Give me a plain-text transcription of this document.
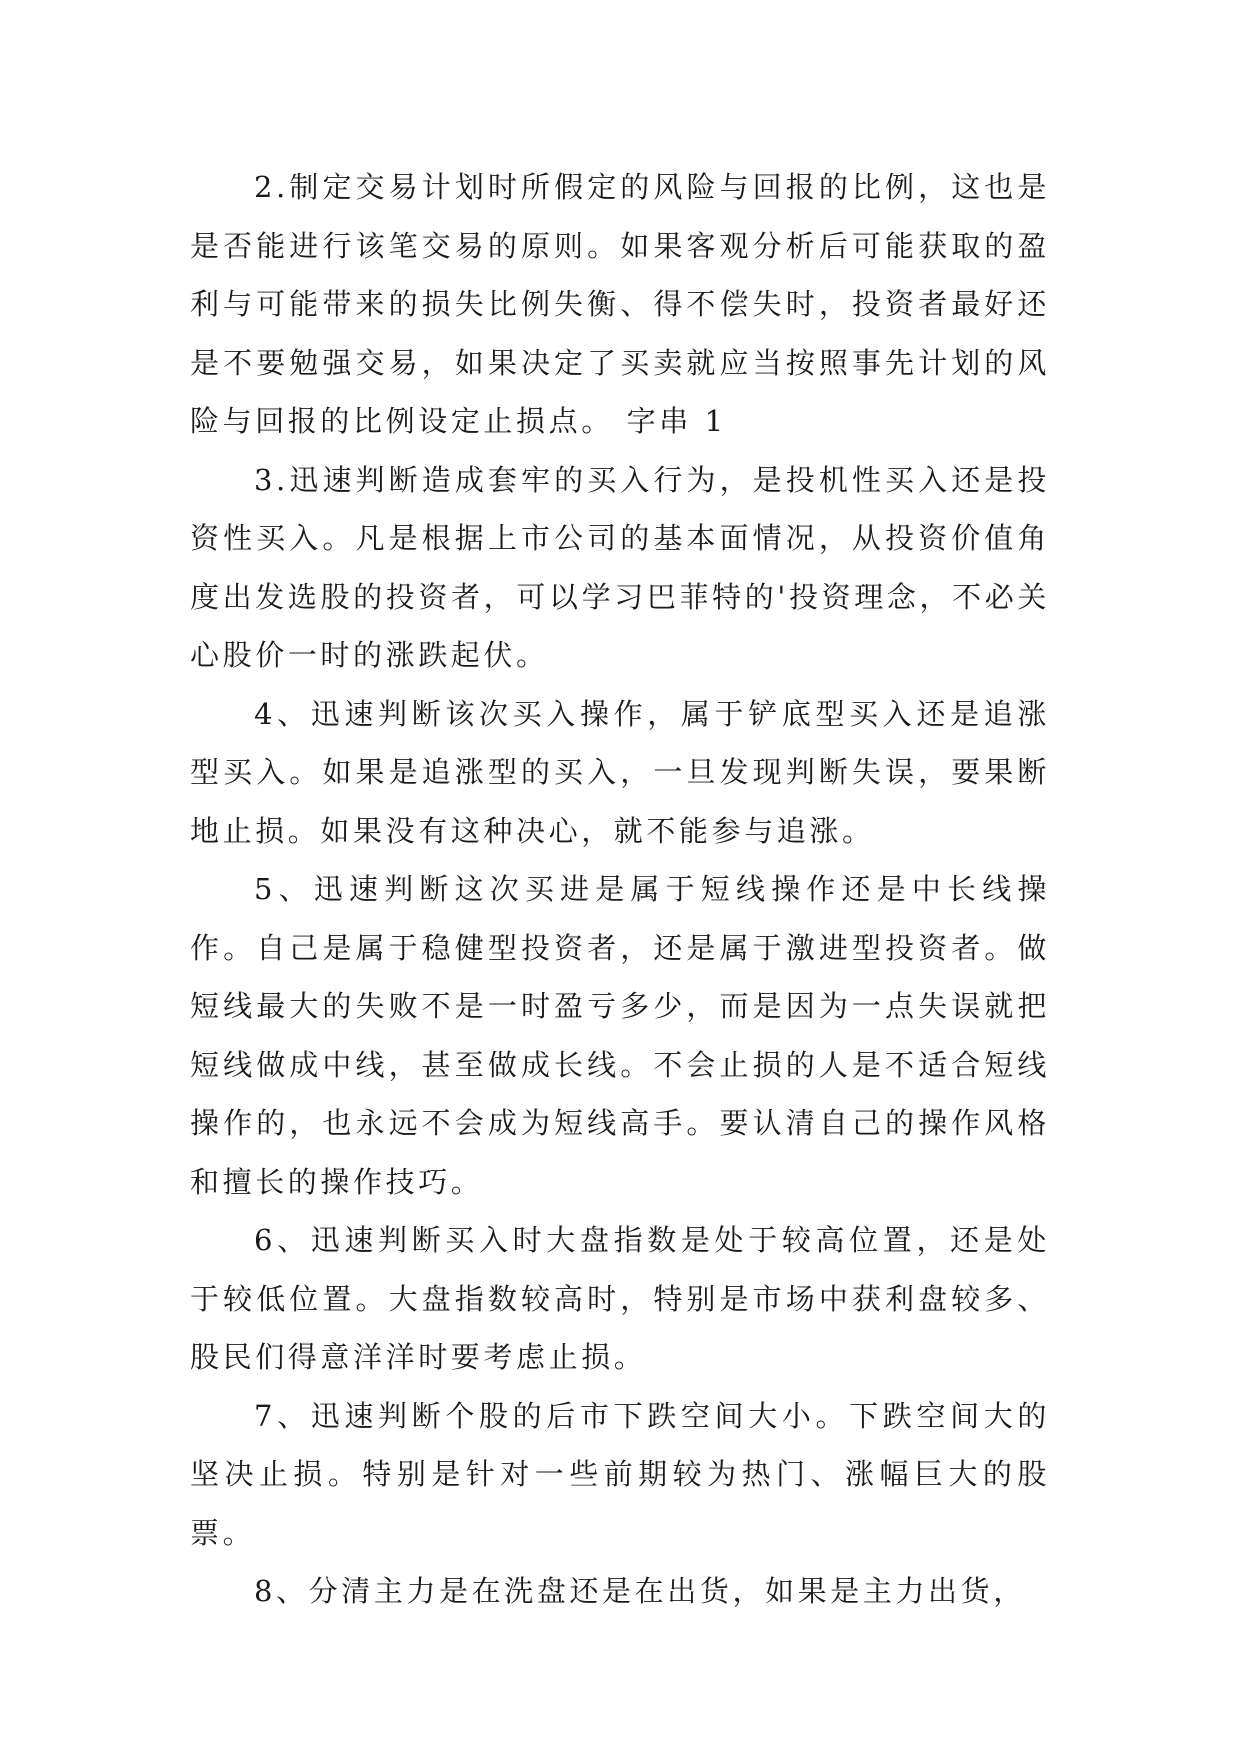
2.制定交易计划时所假定的风险与回报的比例，这也是是否能进行该笔交易的原则。如果客观分析后可能获取的盈利与可能带来的损失比例失衡、得不偿失时，投资者最好还是不要勉强交易，如果决定了买卖就应当按照事先计划的风险与回报的比例设定止损点。 字串 1

3.迅速判断造成套牢的买入行为，是投机性买入还是投资性买入。凡是根据上市公司的基本面情况，从投资价值角度出发选股的投资者，可以学习巴菲特的'投资理念，不必关心股价一时的涨跌起伏。

4、迅速判断该次买入操作，属于铲底型买入还是追涨型买入。如果是追涨型的买入，一旦发现判断失误，要果断地止损。如果没有这种决心，就不能参与追涨。

5、迅速判断这次买进是属于短线操作还是中长线操作。自己是属于稳健型投资者，还是属于激进型投资者。做短线最大的失败不是一时盈亏多少，而是因为一点失误就把短线做成中线，甚至做成长线。不会止损的人是不适合短线操作的，也永远不会成为短线高手。要认清自己的操作风格和擅长的操作技巧。

6、迅速判断买入时大盘指数是处于较高位置，还是处于较低位置。大盘指数较高时，特别是市场中获利盘较多、股民们得意洋洋时要考虑止损。

7、迅速判断个股的后市下跌空间大小。下跌空间大的坚决止损。特别是针对一些前期较为热门、涨幅巨大的股票。

8、分清主力是在洗盘还是在出货，如果是主力出货，
